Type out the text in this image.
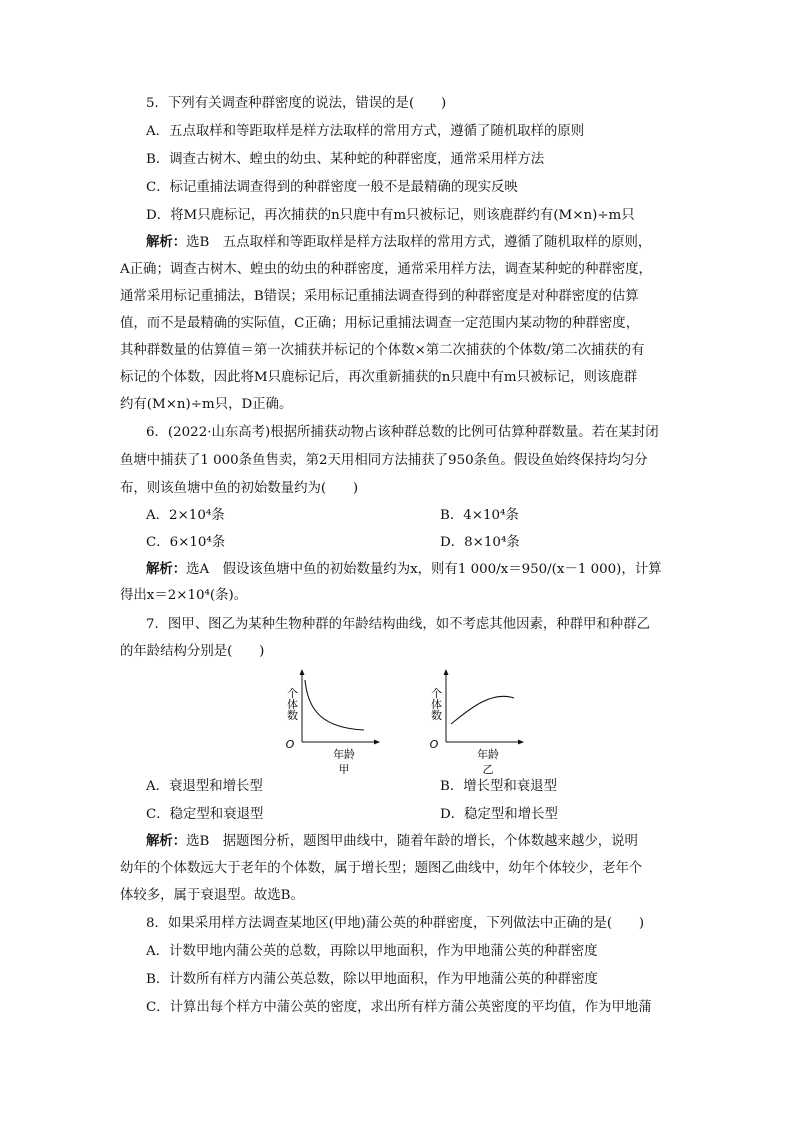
5．下列有关调查种群密度的说法，错误的是(　　)
A．五点取样和等距取样是样方法取样的常用方式，遵循了随机取样的原则
B．调查古树木、蝗虫的幼虫、某种蛇的种群密度，通常采用样方法
C．标记重捕法调查得到的种群密度一般不是最精确的现实反映
D．将M只鹿标记，再次捕获的n只鹿中有m只被标记，则该鹿群约有(M×n)÷m只
解析：选B　五点取样和等距取样是样方法取样的常用方式，遵循了随机取样的原则，
A正确；调查古树木、蝗虫的幼虫的种群密度，通常采用样方法，调查某种蛇的种群密度，
通常采用标记重捕法，B错误；采用标记重捕法调查得到的种群密度是对种群密度的估算
值，而不是最精确的实际值，C正确；用标记重捕法调查一定范围内某动物的种群密度，
其种群数量的估算值＝第一次捕获并标记的个体数×第二次捕获的个体数/第二次捕获的有
标记的个体数，因此将M只鹿标记后，再次重新捕获的n只鹿中有m只被标记，则该鹿群
约有(M×n)÷m只，D正确。
6．(2022·山东高考)根据所捕获动物占该种群总数的比例可估算种群数量。若在某封闭
鱼塘中捕获了1 000条鱼售卖，第2天用相同方法捕获了950条鱼。假设鱼始终保持均匀分
布，则该鱼塘中鱼的初始数量约为(　　)
A．2×10⁴条	B．4×10⁴条
C．6×10⁴条	D．8×10⁴条
解析：选A　假设该鱼塘中鱼的初始数量约为x，则有1 000/x＝950/(x－1 000)，计算
得出x＝2×10⁴(条)。
7．图甲、图乙为某种生物种群的年龄结构曲线，如不考虑其他因素，种群甲和种群乙
的年龄结构分别是(　　)
个体数
O
年龄
甲
个体数
O
年龄
乙
A．衰退型和增长型	B．增长型和衰退型
C．稳定型和衰退型	D．稳定型和增长型
解析：选B　据题图分析，题图甲曲线中，随着年龄的增长，个体数越来越少，说明
幼年的个体数远大于老年的个体数，属于增长型；题图乙曲线中，幼年个体较少，老年个
体较多，属于衰退型。故选B。
8．如果采用样方法调查某地区(甲地)蒲公英的种群密度，下列做法中正确的是(　　)
A．计数甲地内蒲公英的总数，再除以甲地面积，作为甲地蒲公英的种群密度
B．计数所有样方内蒲公英总数，除以甲地面积，作为甲地蒲公英的种群密度
C．计算出每个样方中蒲公英的密度，求出所有样方蒲公英密度的平均值，作为甲地蒲
